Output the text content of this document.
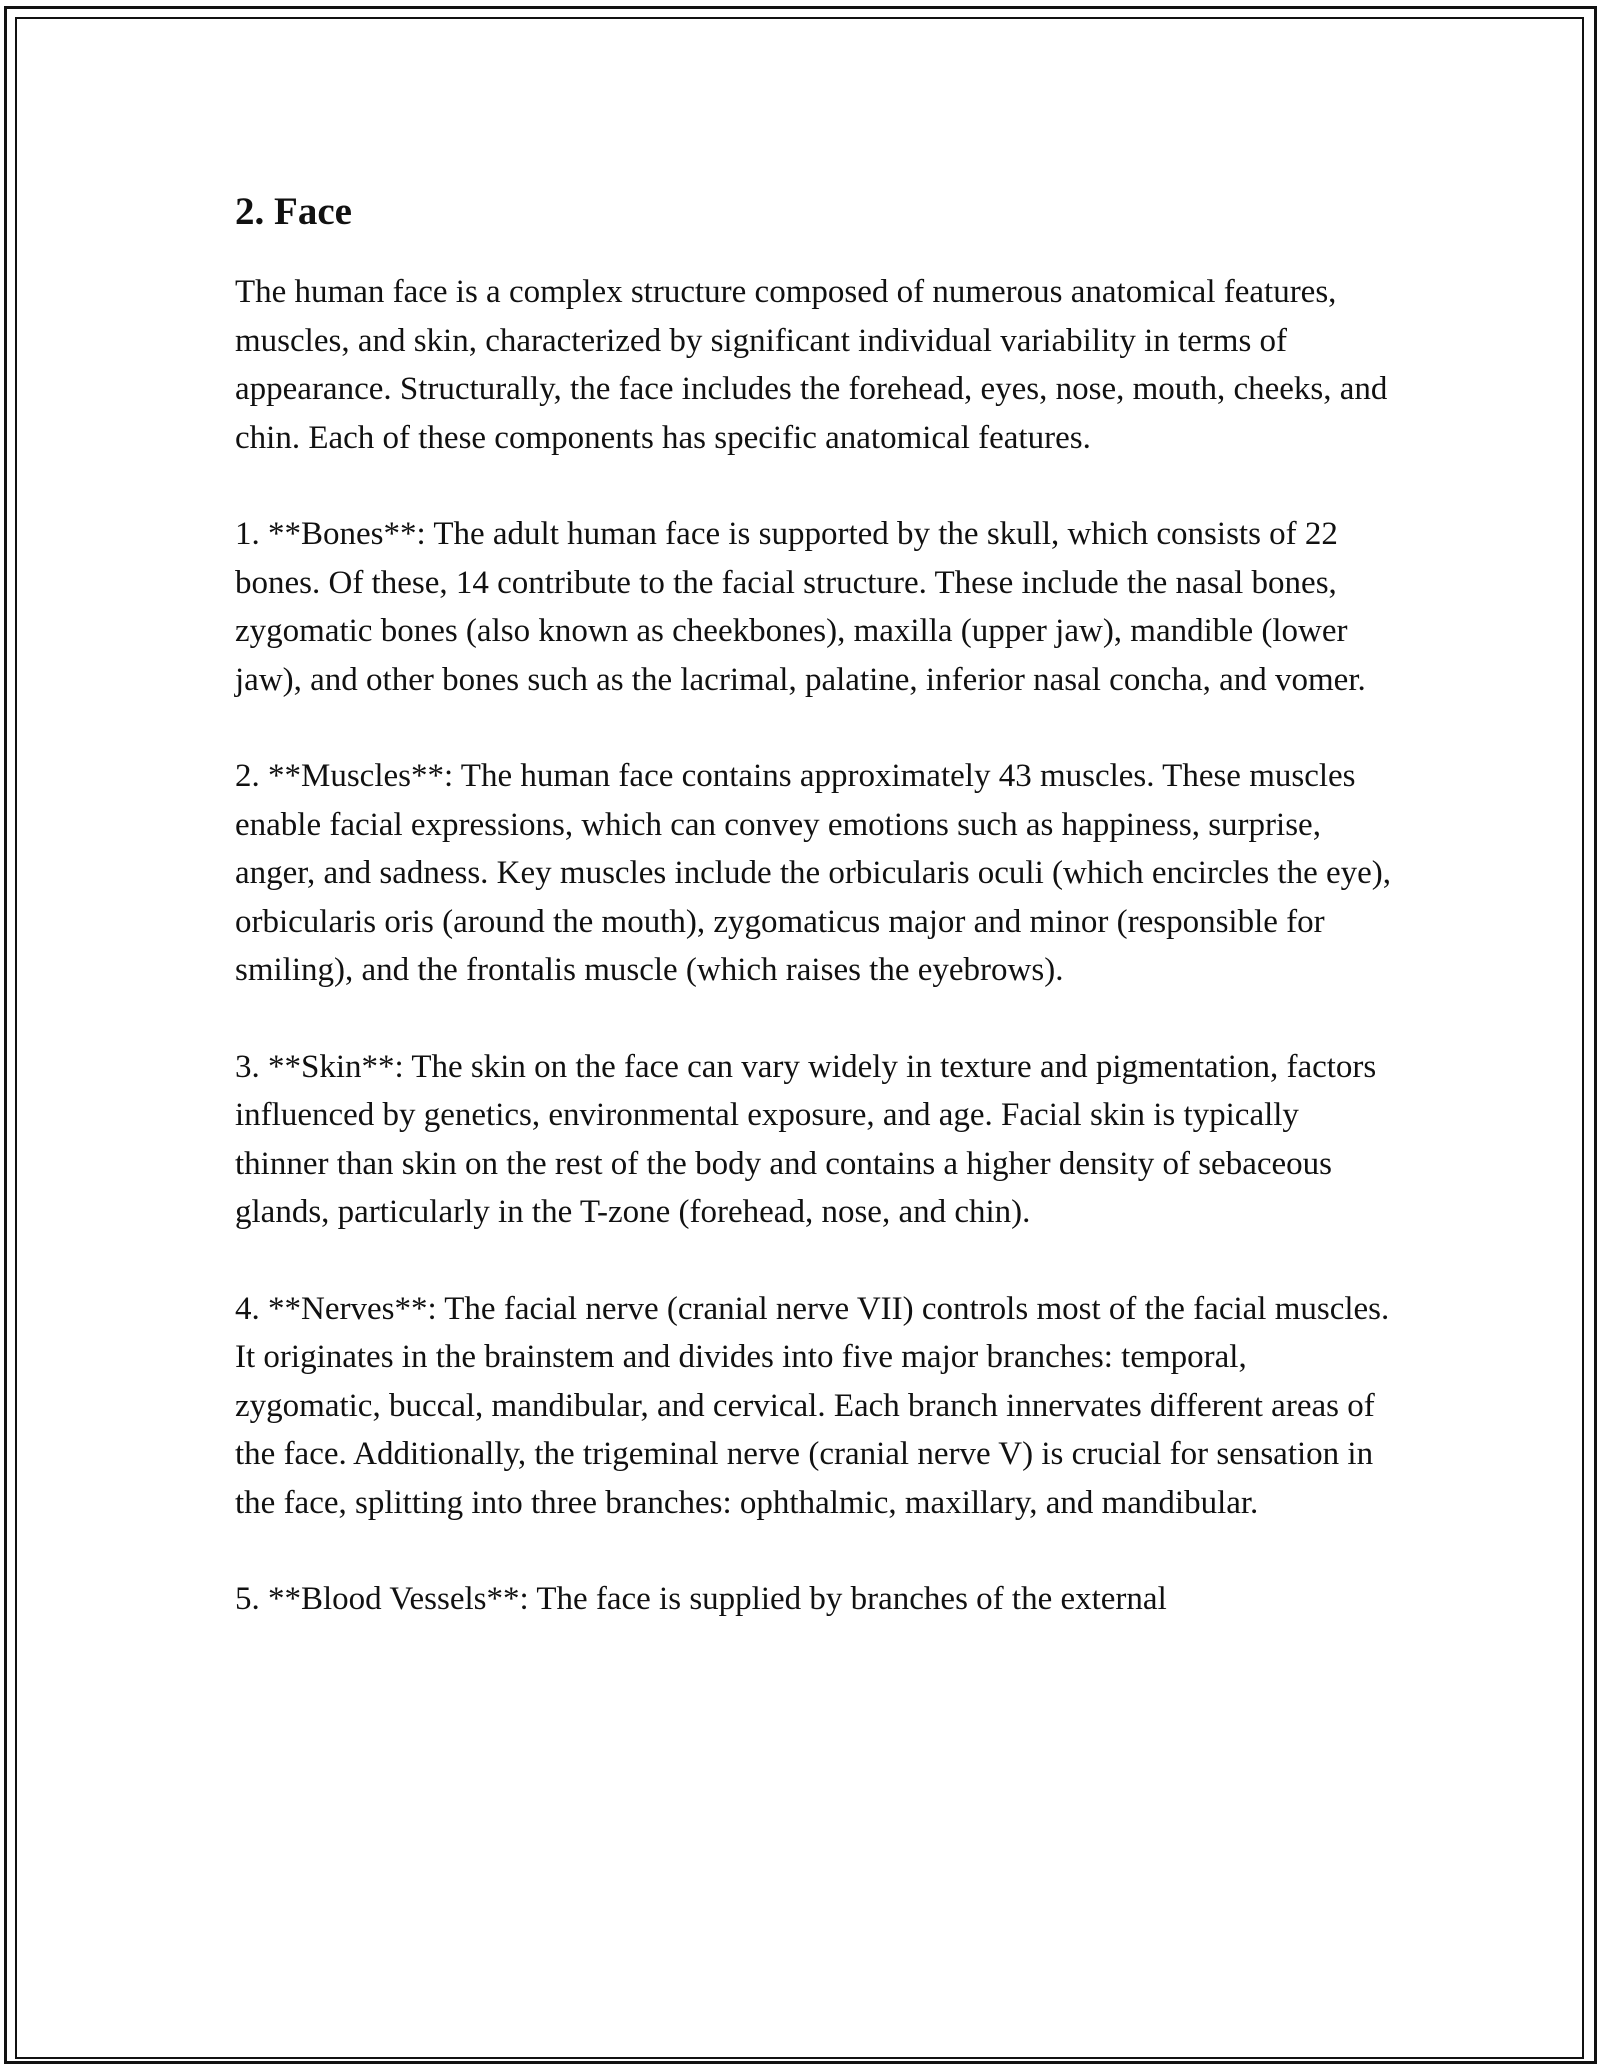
2. Face

The human face is a complex structure composed of numerous anatomical features, muscles, and skin, characterized by significant individual variability in terms of appearance. Structurally, the face includes the forehead, eyes, nose, mouth, cheeks, and chin. Each of these components has specific anatomical features.

1. **Bones**: The adult human face is supported by the skull, which consists of 22 bones. Of these, 14 contribute to the facial structure. These include the nasal bones, zygomatic bones (also known as cheekbones), maxilla (upper jaw), mandible (lower jaw), and other bones such as the lacrimal, palatine, inferior nasal concha, and vomer.

2. **Muscles**: The human face contains approximately 43 muscles. These muscles enable facial expressions, which can convey emotions such as happiness, surprise, anger, and sadness. Key muscles include the orbicularis oculi (which encircles the eye), orbicularis oris (around the mouth), zygomaticus major and minor (responsible for smiling), and the frontalis muscle (which raises the eyebrows).

3. **Skin**: The skin on the face can vary widely in texture and pigmentation, factors influenced by genetics, environmental exposure, and age. Facial skin is typically thinner than skin on the rest of the body and contains a higher density of sebaceous glands, particularly in the T-zone (forehead, nose, and chin).

4. **Nerves**: The facial nerve (cranial nerve VII) controls most of the facial muscles. It originates in the brainstem and divides into five major branches: temporal, zygomatic, buccal, mandibular, and cervical. Each branch innervates different areas of the face. Additionally, the trigeminal nerve (cranial nerve V) is crucial for sensation in the face, splitting into three branches: ophthalmic, maxillary, and mandibular.

5. **Blood Vessels**: The face is supplied by branches of the external
